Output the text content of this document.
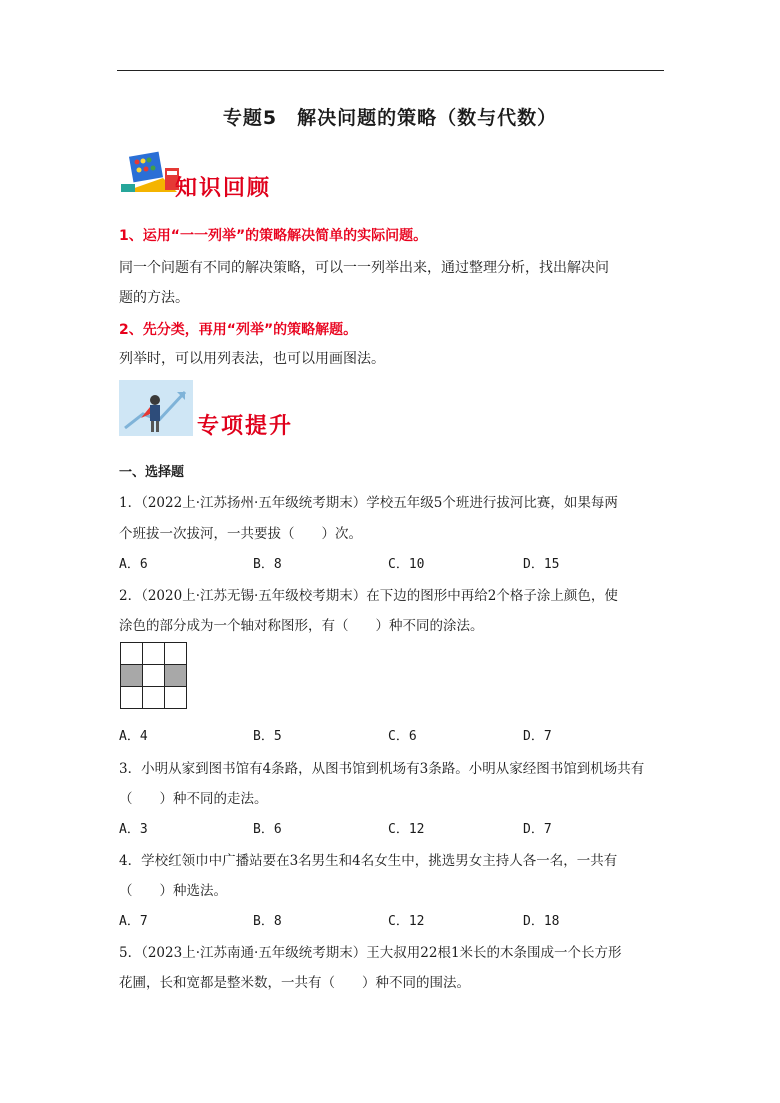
专题5　解决问题的策略（数与代数）
知识回顾
1、运用“一一列举”的策略解决简单的实际问题。
同一个问题有不同的解决策略，可以一一列举出来，通过整理分析，找出解决问
题的方法。
2、先分类，再用“列举”的策略解题。
列举时，可以用列表法，也可以用画图法。
专项提升
一、选择题
1．（2022上·江苏扬州·五年级统考期末）学校五年级5个班进行拔河比赛，如果每两
个班拔一次拔河，一共要拔（　　）次。
A．6	B．8	C．10	D．15
2．（2020上·江苏无锡·五年级校考期末）在下边的图形中再给2个格子涂上颜色，使
涂色的部分成为一个轴对称图形，有（　　）种不同的涂法。
A．4	B．5	C．6	D．7
3．小明从家到图书馆有4条路，从图书馆到机场有3条路。小明从家经图书馆到机场共有
（　　）种不同的走法。
A．3	B．6	C．12	D．7
4．学校红领巾中广播站要在3名男生和4名女生中，挑选男女主持人各一名，一共有
（　　）种选法。
A．7	B．8	C．12	D．18
5．（2023上·江苏南通·五年级统考期末）王大叔用22根1米长的木条围成一个长方形
花圃，长和宽都是整米数，一共有（　　）种不同的围法。
